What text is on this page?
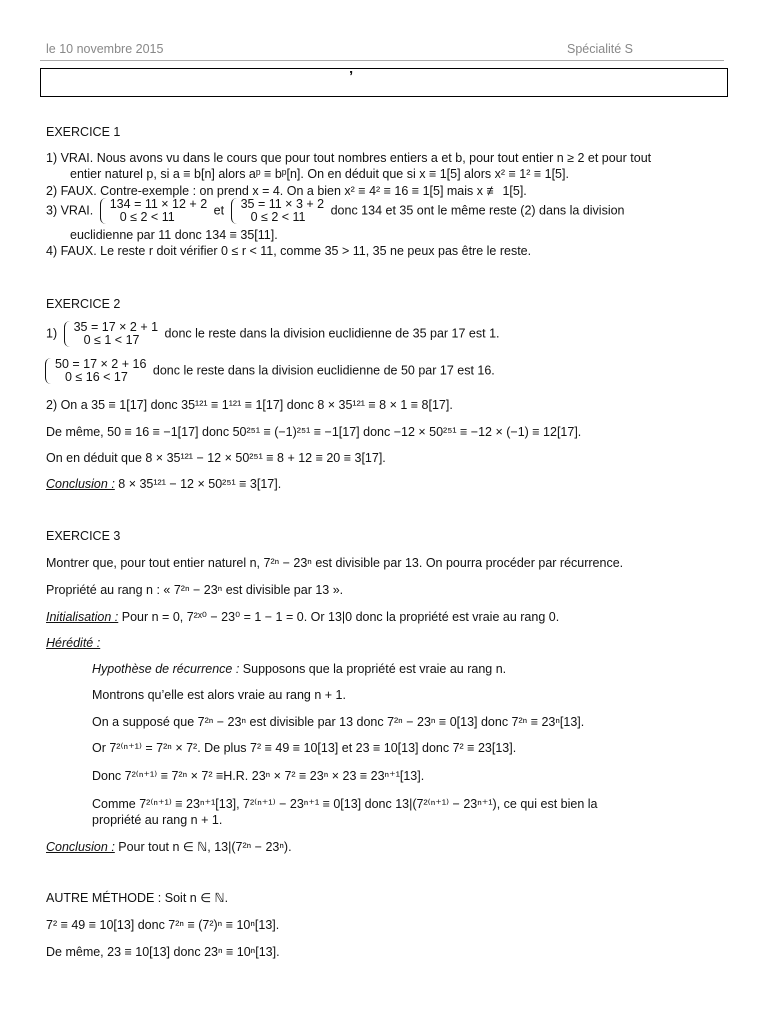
le 10 novembre 2015	Spécialité S
’
EXERCICE 1
1) VRAI. Nous avons vu dans le cours que pour tout nombres entiers a et b, pour tout entier n ≥ 2 et pour tout
entier naturel p, si a ≡ b[n] alors aᵖ ≡ bᵖ[n]. On en déduit que si x ≡ 1[5] alors x² ≡ 1² ≡ 1[5].
2) FAUX. Contre-exemple : on prend x = 4. On a bien x² ≡ 4² ≡ 16 ≡ 1[5] mais x ≢ 1[5].
3) VRAI. 134 = 11 × 12 + 2
0 ≤ 2 < 11	et 35 = 11 × 3 + 2
0 ≤ 2 < 11	donc 134 et 35 ont le même reste (2) dans la division
euclidienne par 11 donc 134 ≡ 35[11].
4) FAUX. Le reste r doit vérifier 0 ≤ r < 11, comme 35 > 11, 35 ne peux pas être le reste.
EXERCICE 2
1) 35 = 17 × 2 + 1
0 ≤ 1 < 17	donc le reste dans la division euclidienne de 35 par 17 est 1.
50 = 17 × 2 + 16
0 ≤ 16 < 17	donc le reste dans la division euclidienne de 50 par 17 est 16.
2) On a 35 ≡ 1[17] donc 35¹²¹ ≡ 1¹²¹ ≡ 1[17] donc 8 × 35¹²¹ ≡ 8 × 1 ≡ 8[17].
De même, 50 ≡ 16 ≡ −1[17] donc 50²⁵¹ ≡ (−1)²⁵¹ ≡ −1[17] donc −12 × 50²⁵¹ ≡ −12 × (−1) ≡ 12[17].
On en déduit que 8 × 35¹²¹ − 12 × 50²⁵¹ ≡ 8 + 12 ≡ 20 ≡ 3[17].
Conclusion : 8 × 35¹²¹ − 12 × 50²⁵¹ ≡ 3[17].
EXERCICE 3
Montrer que, pour tout entier naturel n, 7²ⁿ − 23ⁿ est divisible par 13. On pourra procéder par récurrence.
Propriété au rang n : « 7²ⁿ − 23ⁿ est divisible par 13 ».
Initialisation : Pour n = 0, 7²ˣ⁰ − 23⁰ = 1 − 1 = 0. Or 13|0 donc la propriété est vraie au rang 0.
Hérédité :
Hypothèse de récurrence : Supposons que la propriété est vraie au rang n.
Montrons qu’elle est alors vraie au rang n + 1.
On a supposé que 7²ⁿ − 23ⁿ est divisible par 13 donc 7²ⁿ − 23ⁿ ≡ 0[13] donc 7²ⁿ ≡ 23ⁿ[13].
Or 7²⁽ⁿ⁺¹⁾ = 7²ⁿ × 7². De plus 7² ≡ 49 ≡ 10[13] et 23 ≡ 10[13] donc 7² ≡ 23[13].
Donc 7²⁽ⁿ⁺¹⁾ ≡ 7²ⁿ × 7² ≡H.R. 23ⁿ × 7² ≡ 23ⁿ × 23 ≡ 23ⁿ⁺¹[13].
Comme 7²⁽ⁿ⁺¹⁾ ≡ 23ⁿ⁺¹[13], 7²⁽ⁿ⁺¹⁾ − 23ⁿ⁺¹ ≡ 0[13] donc 13|(7²⁽ⁿ⁺¹⁾ − 23ⁿ⁺¹), ce qui est bien la
propriété au rang n + 1.
Conclusion : Pour tout n ∈ ℕ, 13|(7²ⁿ − 23ⁿ).
AUTRE MÉTHODE : Soit n ∈ ℕ.
7² ≡ 49 ≡ 10[13] donc 7²ⁿ ≡ (7²)ⁿ ≡ 10ⁿ[13].
De même, 23 ≡ 10[13] donc 23ⁿ ≡ 10ⁿ[13].
